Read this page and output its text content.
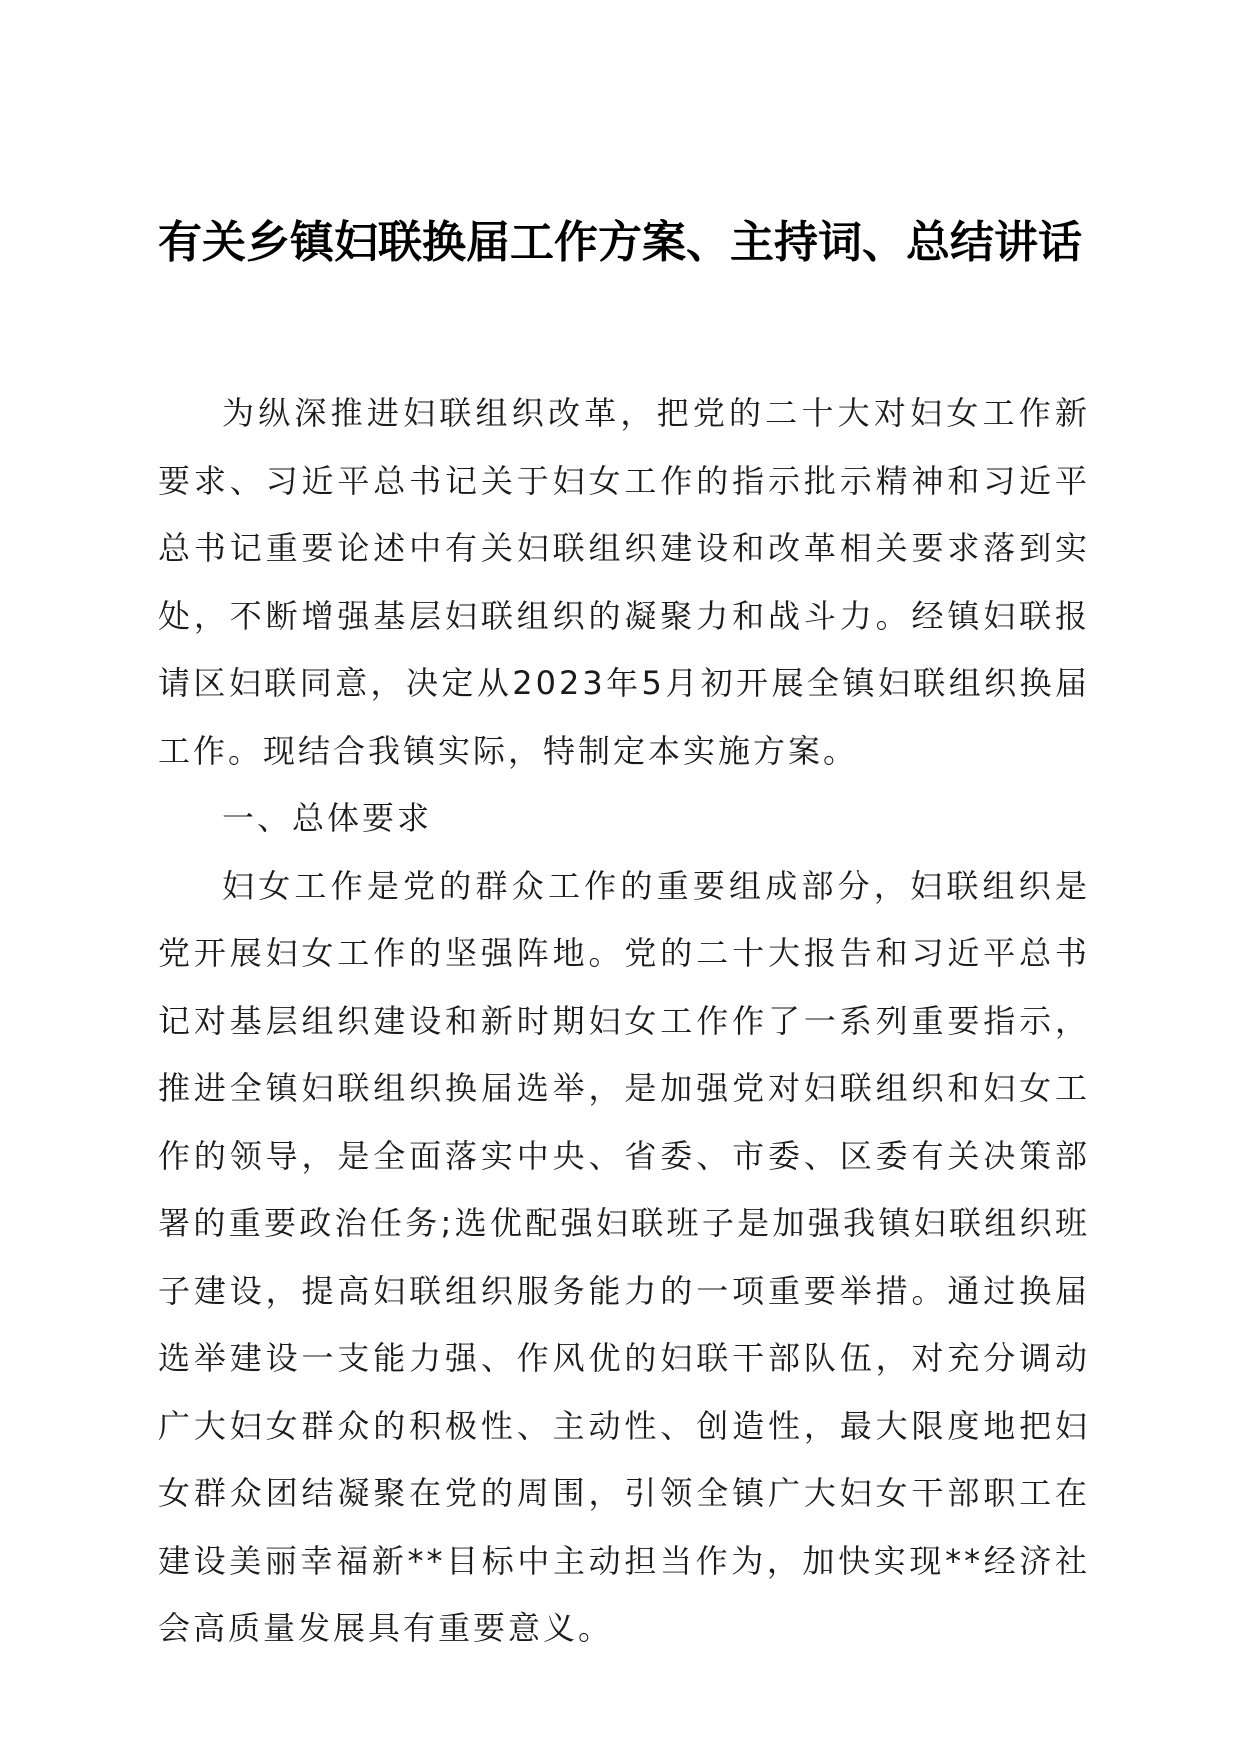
有关乡镇妇联换届工作方案、主持词、总结讲话

为纵深推进妇联组织改革，把党的二十大对妇女工作新要求、习近平总书记关于妇女工作的指示批示精神和习近平总书记重要论述中有关妇联组织建设和改革相关要求落到实处，不断增强基层妇联组织的凝聚力和战斗力。经镇妇联报请区妇联同意，决定从2023年5月初开展全镇妇联组织换届工作。现结合我镇实际，特制定本实施方案。

一、总体要求

妇女工作是党的群众工作的重要组成部分，妇联组织是党开展妇女工作的坚强阵地。党的二十大报告和习近平总书记对基层组织建设和新时期妇女工作作了一系列重要指示，推进全镇妇联组织换届选举，是加强党对妇联组织和妇女工作的领导，是全面落实中央、省委、市委、区委有关决策部署的重要政治任务;选优配强妇联班子是加强我镇妇联组织班子建设，提高妇联组织服务能力的一项重要举措。通过换届选举建设一支能力强、作风优的妇联干部队伍，对充分调动广大妇女群众的积极性、主动性、创造性，最大限度地把妇女群众团结凝聚在党的周围，引领全镇广大妇女干部职工在建设美丽幸福新**目标中主动担当作为，加快实现**经济社会高质量发展具有重要意义。
